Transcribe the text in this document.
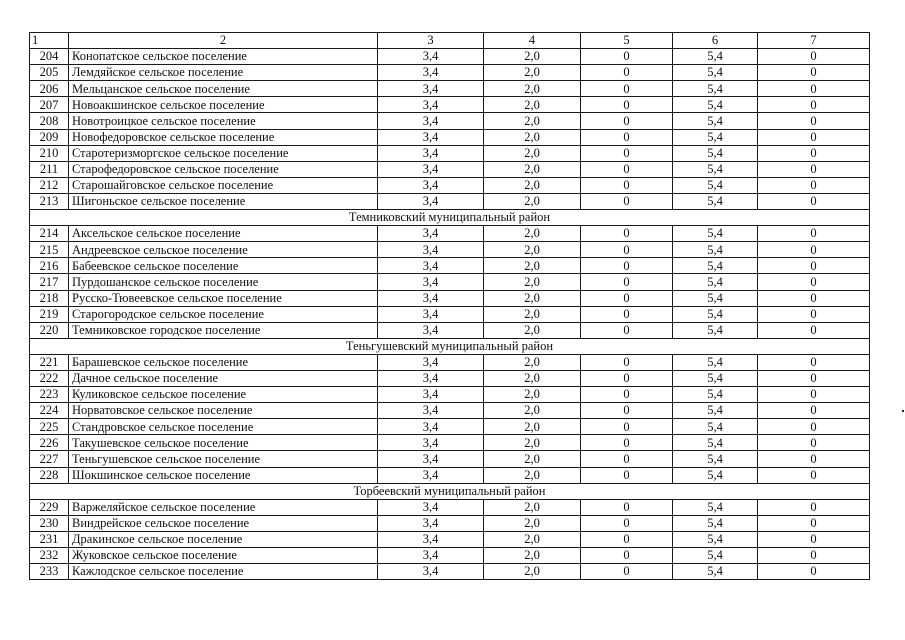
1	2	3	4	5	6	7
204	Конопатское сельское поселение	3,4	2,0	0	5,4	0
205	Лемдяйское сельское поселение	3,4	2,0	0	5,4	0
206	Мельцанское сельское поселение	3,4	2,0	0	5,4	0
207	Новоакшинское сельское поселение	3,4	2,0	0	5,4	0
208	Новотроицкое сельское поселение	3,4	2,0	0	5,4	0
209	Новофедоровское сельское поселение	3,4	2,0	0	5,4	0
210	Старотеризморгское сельское поселение	3,4	2,0	0	5,4	0
211	Старофедоровское сельское поселение	3,4	2,0	0	5,4	0
212	Старошайговское сельское поселение	3,4	2,0	0	5,4	0
213	Шигоньское сельское поселение	3,4	2,0	0	5,4	0
Темниковский муниципальный район						
214	Аксельское сельское поселение	3,4	2,0	0	5,4	0
215	Андреевское сельское поселение	3,4	2,0	0	5,4	0
216	Бабеевское сельское поселение	3,4	2,0	0	5,4	0
217	Пурдошанское сельское поселение	3,4	2,0	0	5,4	0
218	Русско-Тювеевское сельское поселение	3,4	2,0	0	5,4	0
219	Старогородское сельское поселение	3,4	2,0	0	5,4	0
220	Темниковское городское поселение	3,4	2,0	0	5,4	0
Теньгушевский муниципальный район						
221	Барашевское сельское поселение	3,4	2,0	0	5,4	0
222	Дачное сельское поселение	3,4	2,0	0	5,4	0
223	Куликовское сельское поселение	3,4	2,0	0	5,4	0
224	Норватовское сельское поселение	3,4	2,0	0	5,4	0
225	Стандровское сельское поселение	3,4	2,0	0	5,4	0
226	Такушевское сельское поселение	3,4	2,0	0	5,4	0
227	Теньгушевское сельское поселение	3,4	2,0	0	5,4	0
228	Шокшинское сельское поселение	3,4	2,0	0	5,4	0
Торбеевский муниципальный район						
229	Варжеляйское сельское поселение	3,4	2,0	0	5,4	0
230	Виндрейское сельское поселение	3,4	2,0	0	5,4	0
231	Дракинское сельское поселение	3,4	2,0	0	5,4	0
232	Жуковское сельское поселение	3,4	2,0	0	5,4	0
233	Кажлодское сельское поселение	3,4	2,0	0	5,4	0
